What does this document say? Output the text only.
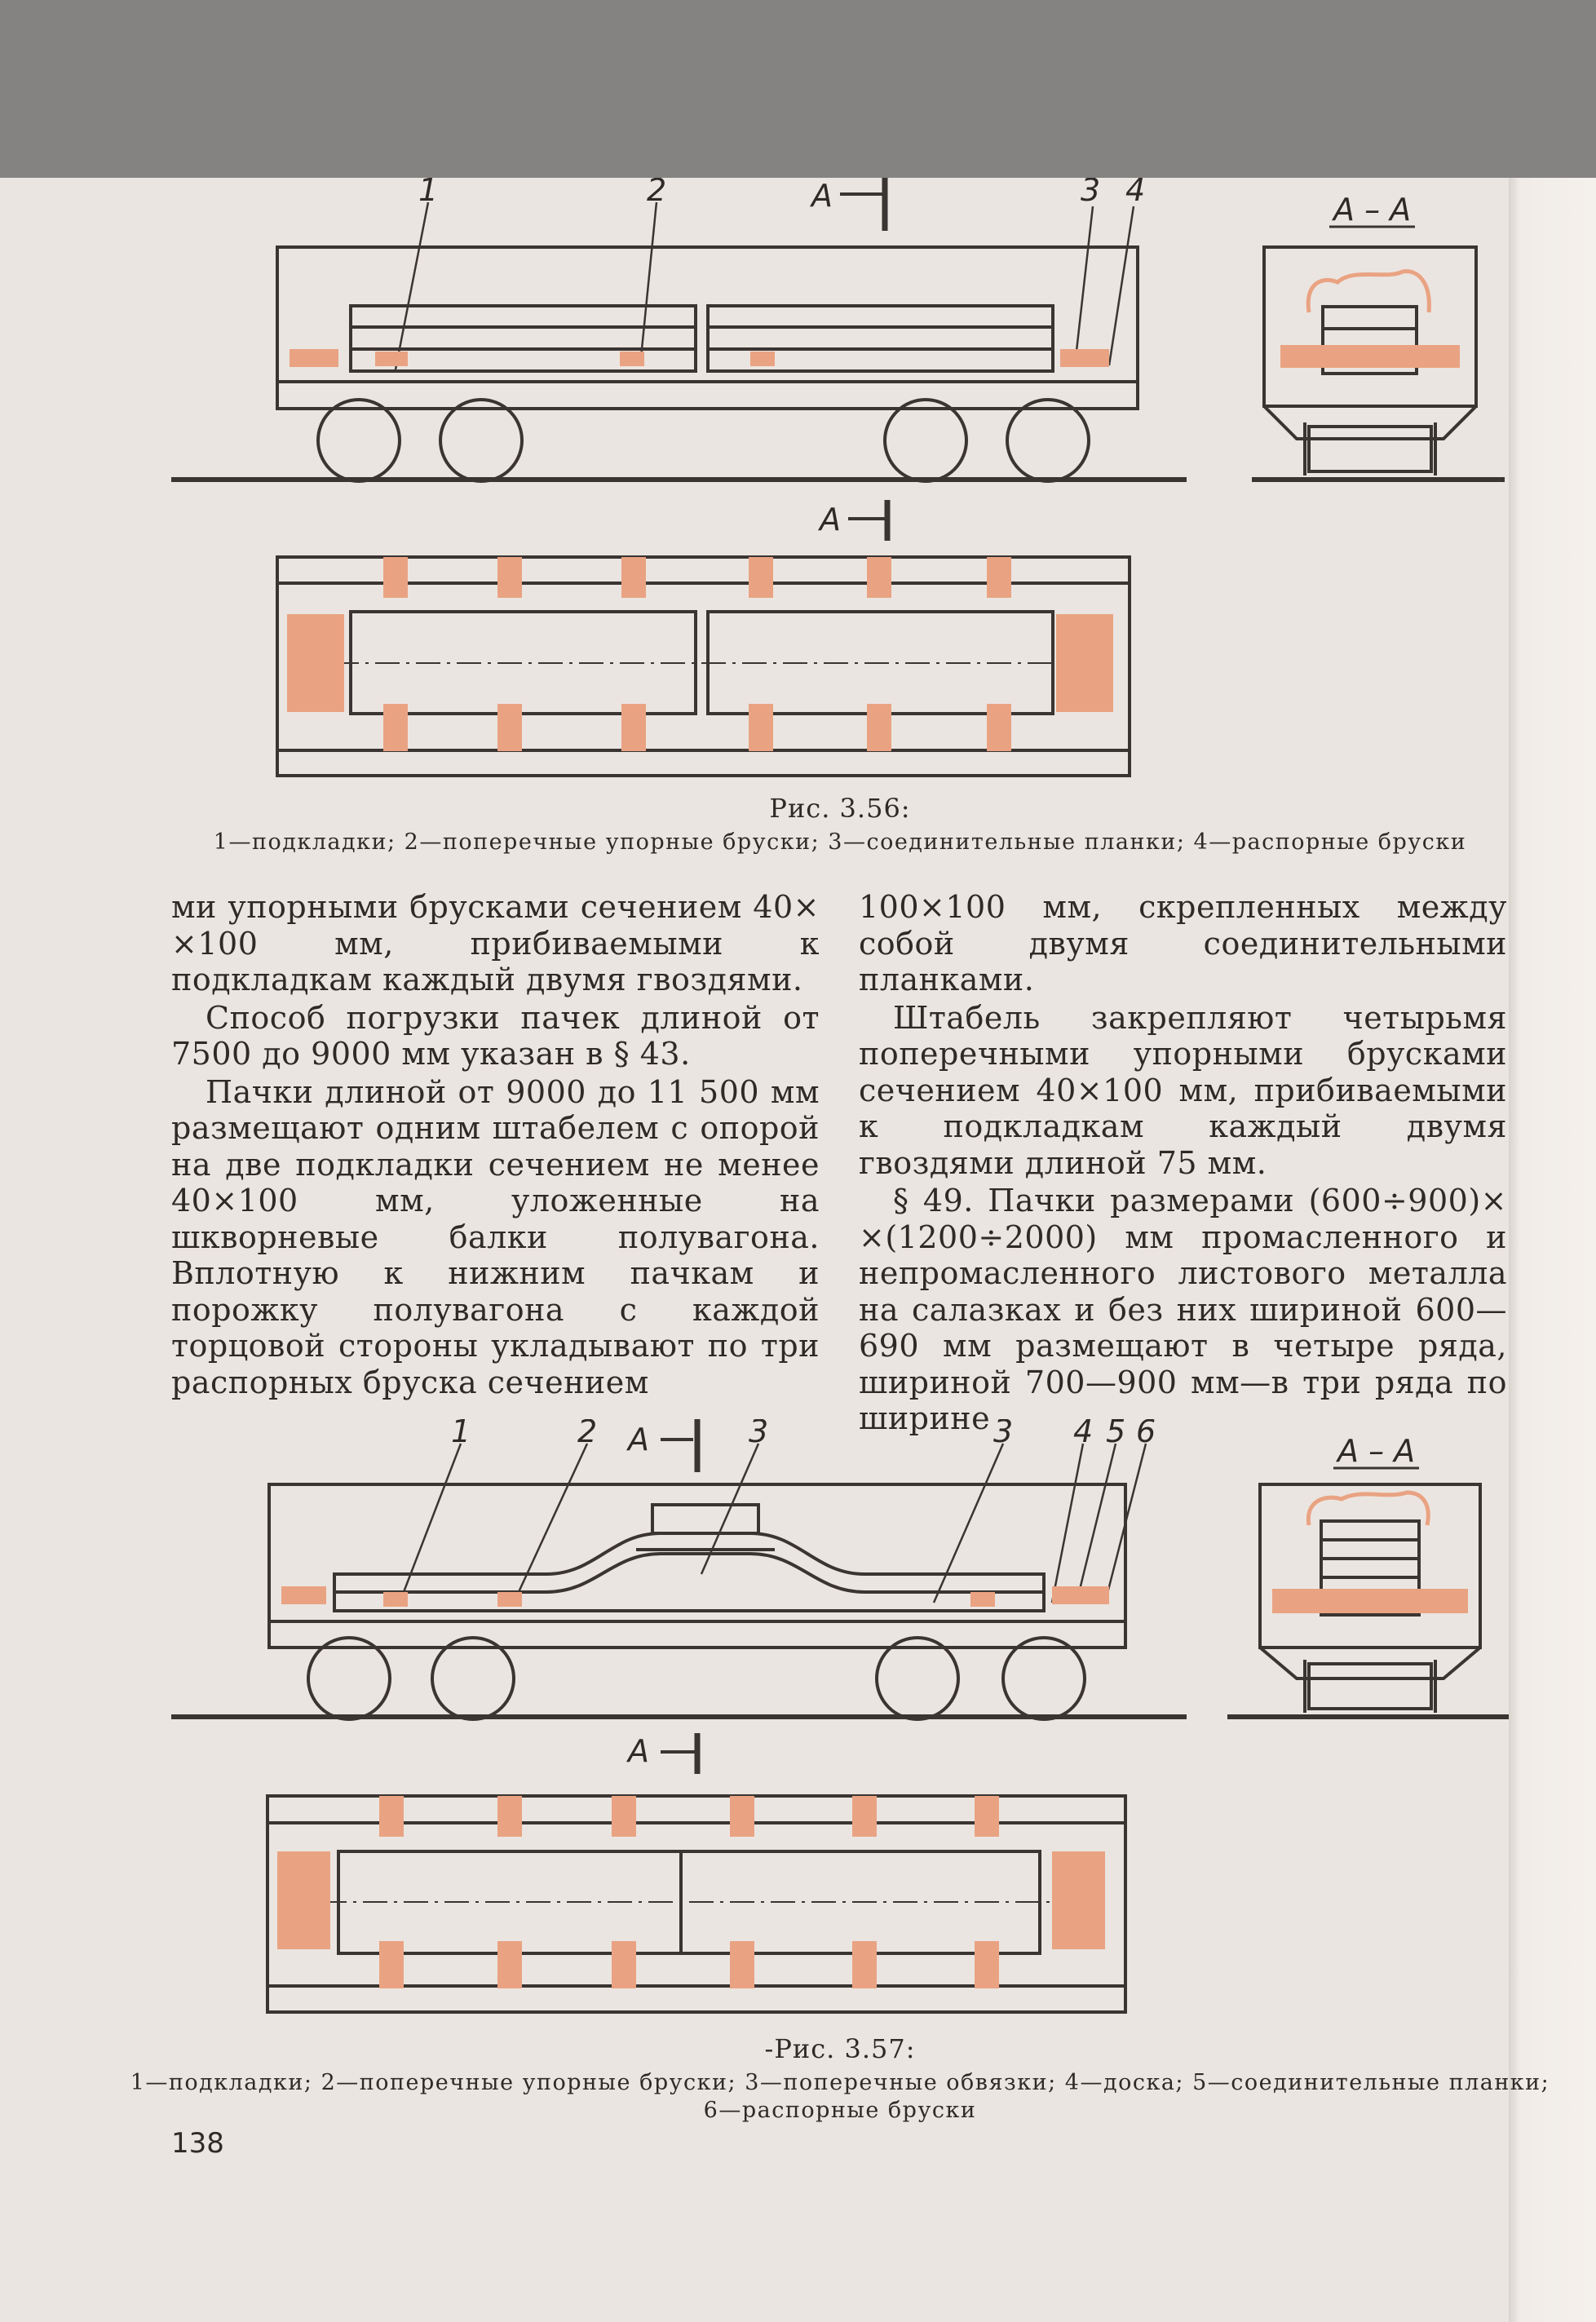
1	2	3 4
A
A
A – A
Рис. 3.56:
1—подкладки; 2—поперечные упорные бруски; 3—соединительные планки; 4—распорные бруски

ми упорными брусками сечением 40× ×100 мм, прибиваемыми к подкладкам каждый двумя гвоздями.

Способ погрузки пачек длиной от 7500 до 9000 мм указан в § 43.

Пачки длиной от 9000 до 11 500 мм размещают одним штабелем с опорой на две подкладки сечением не менее 40×100 мм, уложенные на шкворневые балки полувагона. Вплотную к нижним пачкам и порожку полувагона с каждой торцовой стороны укладывают по три распорных бруска сечением

100×100 мм, скрепленных между собой двумя соединительными планками.

Штабель закрепляют четырьмя поперечными упорными брусками сечением 40×100 мм, прибиваемыми к подкладкам каждый двумя гвоздями длиной 75 мм.

§ 49. Пачки размерами (600÷900)× ×(1200÷2000) мм промасленного и непромасленного листового металла на салазках и без них шириной 600—690 мм размещают в четыре ряда, шириной 700—900 мм—в три ряда по ширине

1	2	3	3 4 5 6
A
A
A – A
-Рис. 3.57:
1—подкладки; 2—поперечные упорные бруски; 3—поперечные обвязки; 4—доска; 5—соединительные планки;
6—распорные бруски
138
